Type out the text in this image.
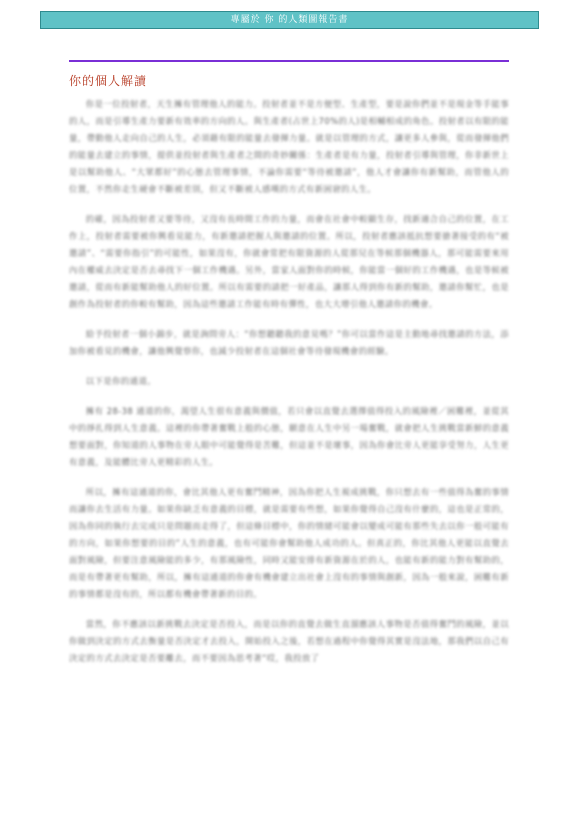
專屬於 你 的人類圖報告書
你的個人解讀

你是一位投射者，天生擁有管理他人的能力。投射者並不是方便型、生產型，要是說你們並不是現金等手能事的人，而是引導生產力要新有效率的方向的人。與生產者(占世上70%的人)是相輔相成的角色。投射者以有限的能量，帶動他人走向自己的人生，必須藉有限的能量去發揮力量。就是以管理的方式，讓更多人參與，從而發揮他們的能量去建立的事情，提供並投射者與生產者之間的奇妙關係：生產者是有力量，投射者引導與管理，你非新世上是以幫助他人、“大眾都好”的心態去管理事情，不論你需要“等待被邀請”，他人才會讓你有新幫助，而管他人的位置，不然你走生硬會不斷被差別，但又不斷被人感嘆的方式有新困窘的人生。

的確，因為投射者又要等待，又沒有長時間工作的力量，而會在社會中較顯生存，找新適合自己的位置，在工作上，投射者需要被你興看見能力，有新邀請把握人與邀請的位置。所以，投射者應該抵抗想要搶著接受的有“被邀請”、“需要你指引”的可能性，如果沒有，你就會常把有限資源的人從那兒在等候那個機器人，那可能需要來用內在權威去決定是否去尋找下一個工作機遇。另外，當家人面對你的時候，你能當一個好的工作機遇，也是等候被邀請，從而有新能幫助他人的好位置。所以有需要的請把一好產品，讓那人得到你有新的幫助，邀請你幫忙，也是創作為投射者的你較有幫助，因為這些邀請工作能有時有彈性，也大大增引他人邀請你的機會。

給予投射者一個小錦步，就是詢問旁人：“你想聽聽我的意見嗎？”你可以當作這是主動地尋找邀請的方法，添加你被看見的機會，讓他興覺察你，也減少投射者在這個社會等待發現機會的經驗。

以下是你的通道。

擁有 28-38 通道的你，渴望人生很有意義與價值，若只會以直覺去選擇值得投入的風險裡／困難裡，並從其中的掙扎得到人生意義。這裡的你帶著奮戰上般的心態，願意在人生中另一場奮戰，就會把人生挑戰當新鮮的意義想要面對，你知道的人事物在旁人眼中可能覺得是苦難，但這並不是壞事，因為你會比旁人更能享受努力，人生更有意義，及能體比旁人更精彩的人生。

所以，擁有這通道的你，會比其他人更有奮鬥精神，因為你把人生視成挑戰，你只想去有一些值得為奮的事情而讓你去生活有力量。如果你缺乏有意義的目標，就是需要有些想，如果你覺得自己沒有什麼的，這也是正常的，因為你同的執行去完成只是問題而走得了，但這條目標中，你的情緒可能會以變成可能有那些失去以你一般可能有的方向，如果你想要的目的”人生的意義，也有可能你會幫助他人成功的人。但真正的，你比其他人更能以直覺去面對風險，但要注意風險能的多少，有那風險性，同時又能安排有新資源在於的人，也能有新的能力對有幫助的，而是有帶著更有幫助，所以，擁有這通道的你會有機會建立出社會上沒有的事情與創新，因為一般來說，困難有新的事情都是沒有的，所以都有機會帶著新的目的。

當然，你不應該以新挑戰去決定是否投入，而是以你的直覺去做生直溜應該人事物是否值得奮鬥的風險，並以你做到決定的方式去衡量是否決定才去投入，開始投入之後，若想在過程中你覺得其實是沒法地，那我們以自己有決定的方式去決定是否要離去，而不要因為思考著“哎，我投放了
